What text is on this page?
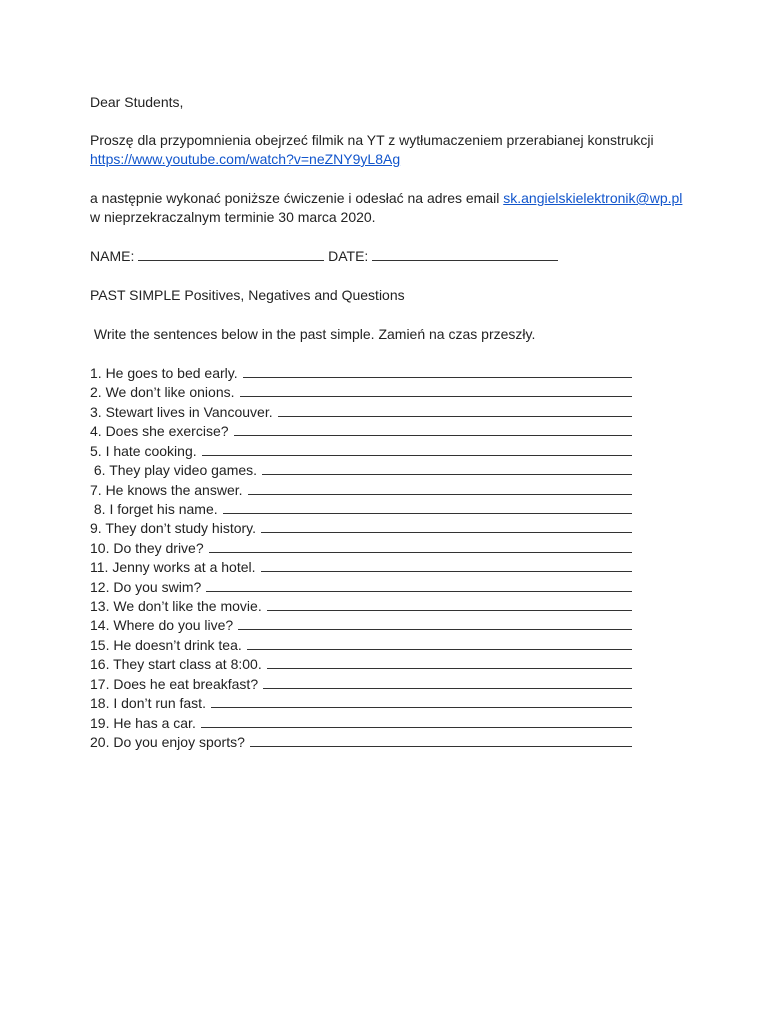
Dear Students,
Proszę dla przypomnienia obejrzeć filmik na YT z wytłumaczeniem przerabianej konstrukcji
https://www.youtube.com/watch?v=neZNY9yL8Ag
a następnie wykonać poniższe ćwiczenie i odesłać na adres email sk.angielskielektronik@wp.pl
w nieprzekraczalnym terminie 30 marca 2020.
NAME:	DATE:
PAST SIMPLE Positives, Negatives and Questions
Write the sentences below in the past simple. Zamień na czas przeszły.
1. He goes to bed early.
2. We don’t like onions.
3. Stewart lives in Vancouver.
4. Does she exercise?
5. I hate cooking.
6. They play video games.
7. He knows the answer.
8. I forget his name.
9. They don’t study history.
10. Do they drive?
11. Jenny works at a hotel.
12. Do you swim?
13. We don’t like the movie.
14. Where do you live?
15. He doesn’t drink tea.
16. They start class at 8:00.
17. Does he eat breakfast?
18. I don’t run fast.
19. He has a car.
20. Do you enjoy sports?
